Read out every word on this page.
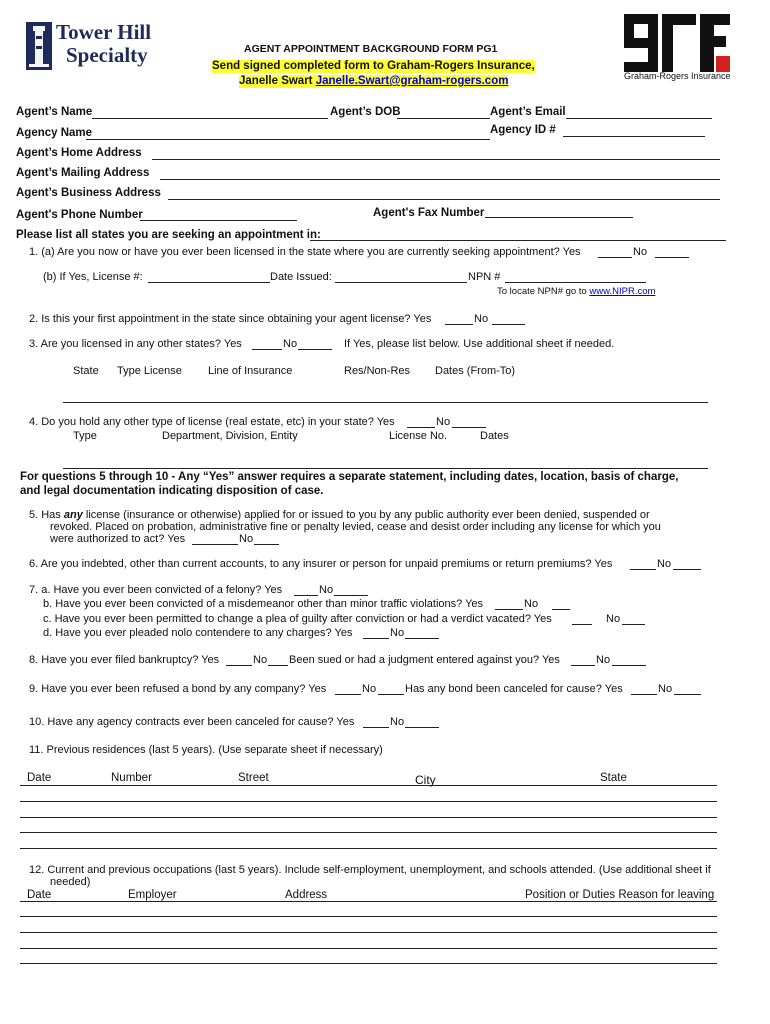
Tower Hill
Specialty
Graham-Rogers Insurance
AGENT APPOINTMENT BACKGROUND FORM PG1
Send signed completed form to Graham-Rogers Insurance,
Janelle Swart Janelle.Swart@graham-rogers.com
Agent’s Name	Agent’s DOB	Agent’s Email
Agency Name	Agency ID #
Agent’s Home Address
Agent’s Mailing Address
Agent’s Business Address
Agent's Phone Number	Agent's Fax Number
Please list all states you are seeking an appointment in:
1. (a) Are you now or have you ever been licensed in the state where you are currently seeking appointment? Yes	No
(b) If Yes, License #:	Date Issued:	NPN #
To locate NPN# go to www.NIPR.com
2. Is this your first appointment in the state since obtaining your agent license? Yes	No
3. Are you licensed in any other states? Yes	No	If Yes, please list below. Use additional sheet if needed.
State Type License Line of Insurance	Res/Non-Res Dates (From-To)
4. Do you hold any other type of license (real estate, etc) in your state? Yes	No
Type	Department, Division, Entity	License No.	Dates
For questions 5 through 10 - Any “Yes” answer requires a separate statement, including dates, location, basis of charge,
and legal documentation indicating disposition of case.
5. Has any license (insurance or otherwise) applied for or issued to you by any public authority ever been denied, suspended or
revoked. Placed on probation, administrative fine or penalty levied, cease and desist order including any license for which you
were authorized to act? Yes	No
6. Are you indebted, other than current accounts, to any insurer or person for unpaid premiums or return premiums? Yes	No
7. a. Have you ever been convicted of a felony? Yes	No
b. Have you ever been convicted of a misdemeanor other than minor traffic violations? Yes	No
c. Have you ever been permitted to change a plea of guilty after conviction or had a verdict vacated? Yes	No
d. Have you ever pleaded nolo contendere to any charges? Yes	No
8. Have you ever filed bankruptcy? Yes	No Been sued or had a judgment entered against you? Yes	No
9. Have you ever been refused a bond by any company? Yes	No	Has any bond been canceled for cause? Yes	No
10. Have any agency contracts ever been canceled for cause? Yes	No
11. Previous residences (last 5 years). (Use separate sheet if necessary)
Date	Number	Street	City	State
12. Current and previous occupations (last 5 years). Include self-employment, unemployment, and schools attended. (Use additional sheet if
needed)
Date	Employer	Address	Position or Duties Reason for leaving
